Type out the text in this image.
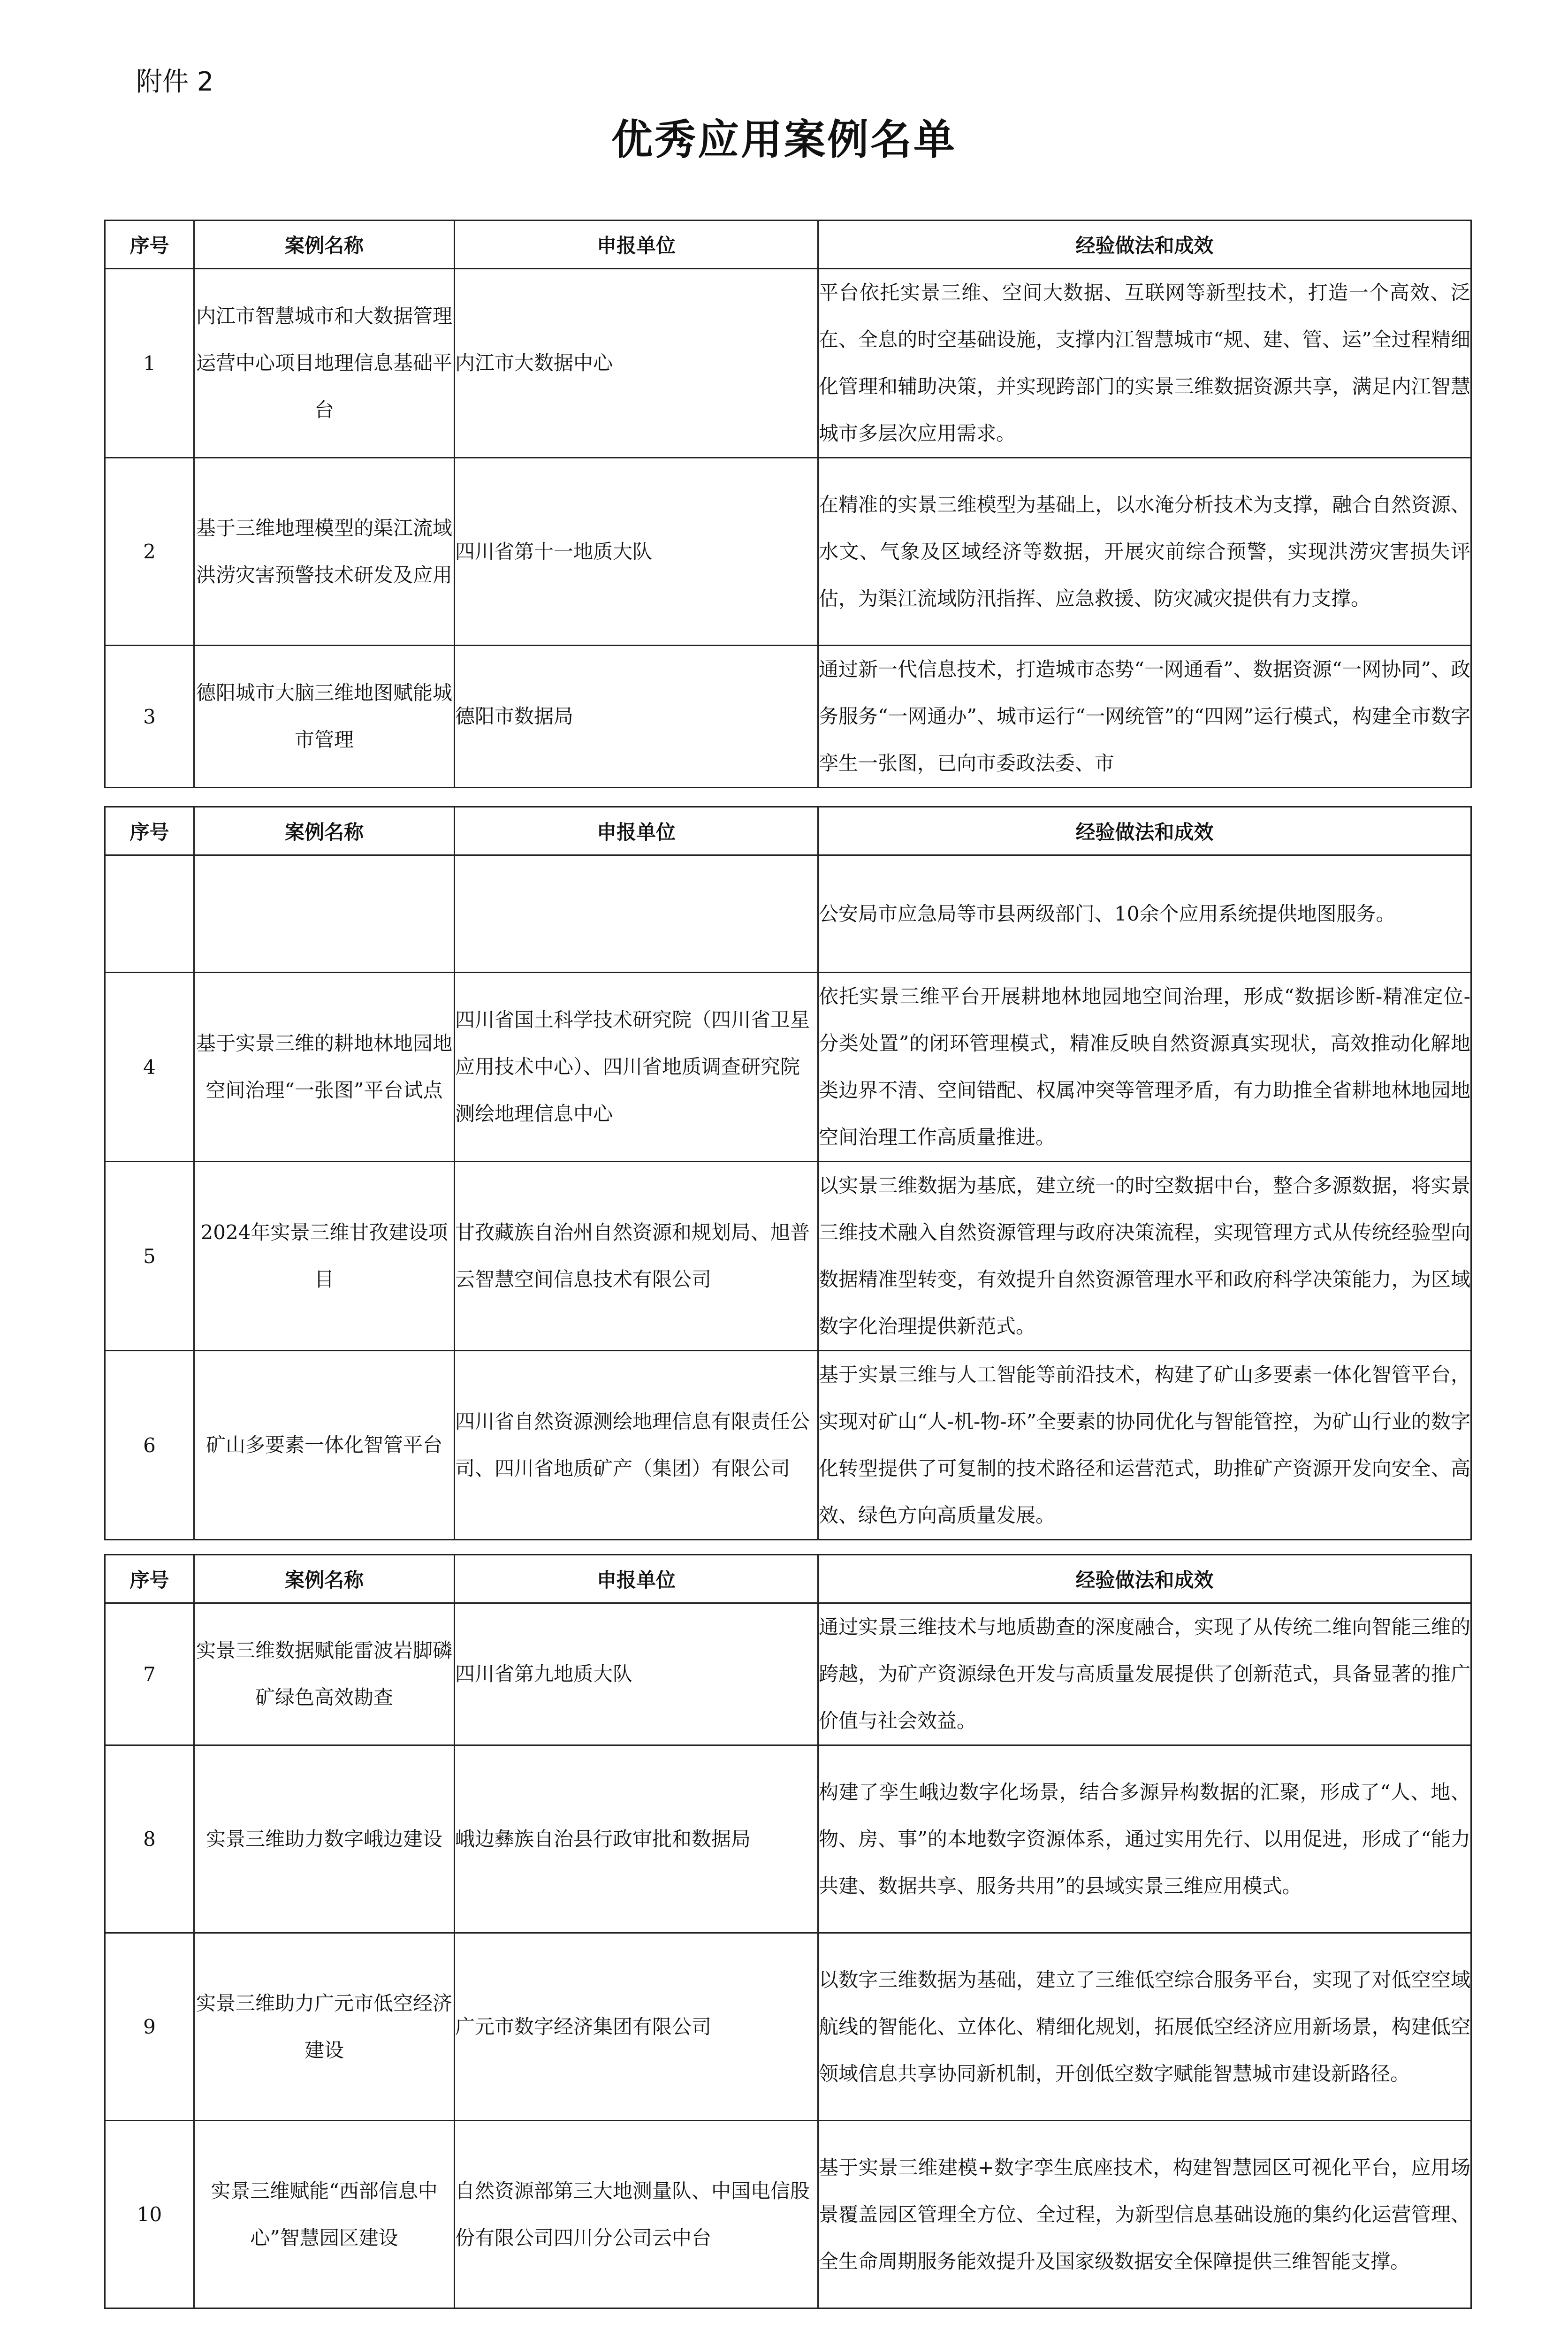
附件 2
优秀应用案例名单
序号	案例名称	申报单位	经验做法和成效
1	内江市智慧城市和大数据管理运营中心项目地理信息基础平台	内江市大数据中心	平台依托实景三维、空间大数据、互联网等新型技术，打造一个高效、泛在、全息的时空基础设施，支撑内江智慧城市“规、建、管、运”全过程精细化管理和辅助决策，并实现跨部门的实景三维数据资源共享，满足内江智慧城市多层次应用需求。
2	基于三维地理模型的渠江流域洪涝灾害预警技术研发及应用	四川省第十一地质大队	在精准的实景三维模型为基础上，以水淹分析技术为支撑，融合自然资源、水文、气象及区域经济等数据，开展灾前综合预警，实现洪涝灾害损失评估，为渠江流域防汛指挥、应急救援、防灾减灾提供有力支撑。
3	德阳城市大脑三维地图赋能城市管理	德阳市数据局	通过新一代信息技术，打造城市态势“一网通看”、数据资源“一网协同”、政务服务“一网通办”、城市运行“一网统管”的“四网”运行模式，构建全市数字孪生一张图，已向市委政法委、市
序号	案例名称	申报单位	经验做法和成效
			公安局市应急局等市县两级部门、10余个应用系统提供地图服务。
4	基于实景三维的耕地林地园地空间治理“一张图”平台试点	四川省国土科学技术研究院（四川省卫星应用技术中心）、四川省地质调查研究院测绘地理信息中心	依托实景三维平台开展耕地林地园地空间治理，形成“数据诊断-精准定位-分类处置”的闭环管理模式，精准反映自然资源真实现状，高效推动化解地类边界不清、空间错配、权属冲突等管理矛盾，有力助推全省耕地林地园地空间治理工作高质量推进。
5	2024年实景三维甘孜建设项目	甘孜藏族自治州自然资源和规划局、旭普云智慧空间信息技术有限公司	以实景三维数据为基底，建立统一的时空数据中台，整合多源数据，将实景三维技术融入自然资源管理与政府决策流程，实现管理方式从传统经验型向数据精准型转变，有效提升自然资源管理水平和政府科学决策能力，为区域数字化治理提供新范式。
6	矿山多要素一体化智管平台	四川省自然资源测绘地理信息有限责任公司、四川省地质矿产（集团）有限公司	基于实景三维与人工智能等前沿技术，构建了矿山多要素一体化智管平台，实现对矿山“人-机-物-环”全要素的协同优化与智能管控，为矿山行业的数字化转型提供了可复制的技术路径和运营范式，助推矿产资源开发向安全、高效、绿色方向高质量发展。
序号	案例名称	申报单位	经验做法和成效
7	实景三维数据赋能雷波岩脚磷矿绿色高效勘查	四川省第九地质大队	通过实景三维技术与地质勘查的深度融合，实现了从传统二维向智能三维的跨越，为矿产资源绿色开发与高质量发展提供了创新范式，具备显著的推广价值与社会效益。
8	实景三维助力数字峨边建设	峨边彝族自治县行政审批和数据局	构建了孪生峨边数字化场景，结合多源异构数据的汇聚，形成了“人、地、物、房、事”的本地数字资源体系，通过实用先行、以用促进，形成了“能力共建、数据共享、服务共用”的县域实景三维应用模式。
9	实景三维助力广元市低空经济建设	广元市数字经济集团有限公司	以数字三维数据为基础，建立了三维低空综合服务平台，实现了对低空空域航线的智能化、立体化、精细化规划，拓展低空经济应用新场景，构建低空领域信息共享协同新机制，开创低空数字赋能智慧城市建设新路径。
10	实景三维赋能“西部信息中心”智慧园区建设	自然资源部第三大地测量队、中国电信股份有限公司四川分公司云中台	基于实景三维建模+数字孪生底座技术，构建智慧园区可视化平台，应用场景覆盖园区管理全方位、全过程，为新型信息基础设施的集约化运营管理、全生命周期服务能效提升及国家级数据安全保障提供三维智能支撑。
